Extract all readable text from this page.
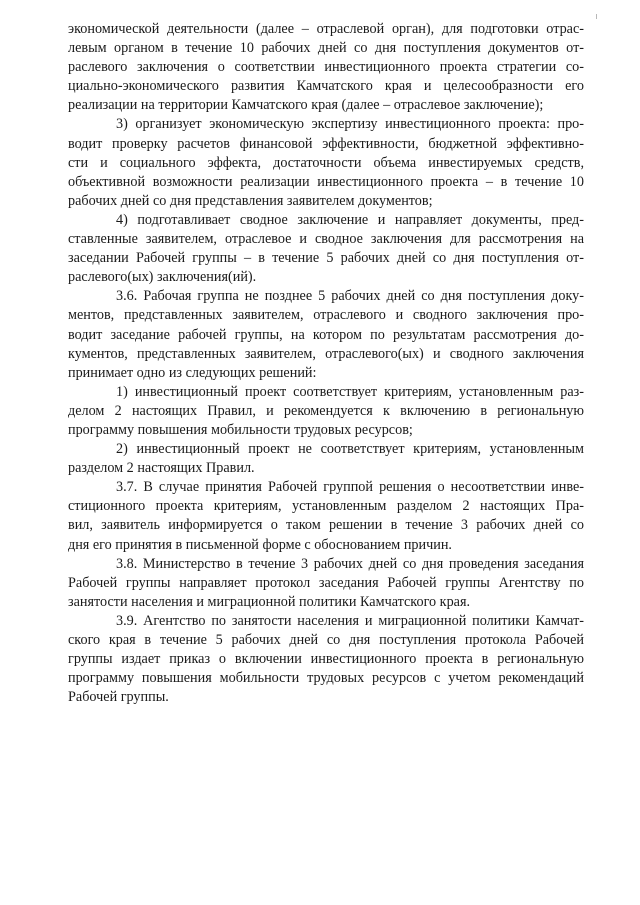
экономической деятельности (далее – отраслевой орган), для подготовки отрас-
левым органом в течение 10 рабочих дней со дня поступления документов от-
раслевого заключения о соответствии инвестиционного проекта стратегии со-
циально-экономического развития Камчатского края и целесообразности его
реализации на территории Камчатского края (далее – отраслевое заключение);
3) организует экономическую экспертизу инвестиционного проекта: про-
водит проверку расчетов финансовой эффективности, бюджетной эффективно-
сти и социального эффекта, достаточности объема инвестируемых средств,
объективной возможности реализации инвестиционного проекта – в течение 10
рабочих дней со дня представления заявителем документов;
4) подготавливает сводное заключение и направляет документы, пред-
ставленные заявителем, отраслевое и сводное заключения для рассмотрения на
заседании Рабочей группы – в течение 5 рабочих дней со дня поступления от-
раслевого(ых) заключения(ий).
3.6. Рабочая группа не позднее 5 рабочих дней со дня поступления доку-
ментов, представленных заявителем, отраслевого и сводного заключения про-
водит заседание рабочей группы, на котором по результатам рассмотрения до-
кументов, представленных заявителем, отраслевого(ых) и сводного заключения
принимает одно из следующих решений:
1) инвестиционный проект соответствует критериям, установленным раз-
делом 2 настоящих Правил, и рекомендуется к включению в региональную
программу повышения мобильности трудовых ресурсов;
2) инвестиционный проект не соответствует критериям, установленным
разделом 2 настоящих Правил.
3.7. В случае принятия Рабочей группой решения о несоответствии инве-
стиционного проекта критериям, установленным разделом 2 настоящих Пра-
вил, заявитель информируется о таком решении в течение 3 рабочих дней со
дня его принятия в письменной форме с обоснованием причин.
3.8. Министерство в течение 3 рабочих дней со дня проведения заседания
Рабочей группы направляет протокол заседания Рабочей группы Агентству по
занятости населения и миграционной политики Камчатского края.
3.9. Агентство по занятости населения и миграционной политики Камчат-
ского края в течение 5 рабочих дней со дня поступления протокола Рабочей
группы издает приказ о включении инвестиционного проекта в региональную
программу повышения мобильности трудовых ресурсов с учетом рекомендаций
Рабочей группы.
